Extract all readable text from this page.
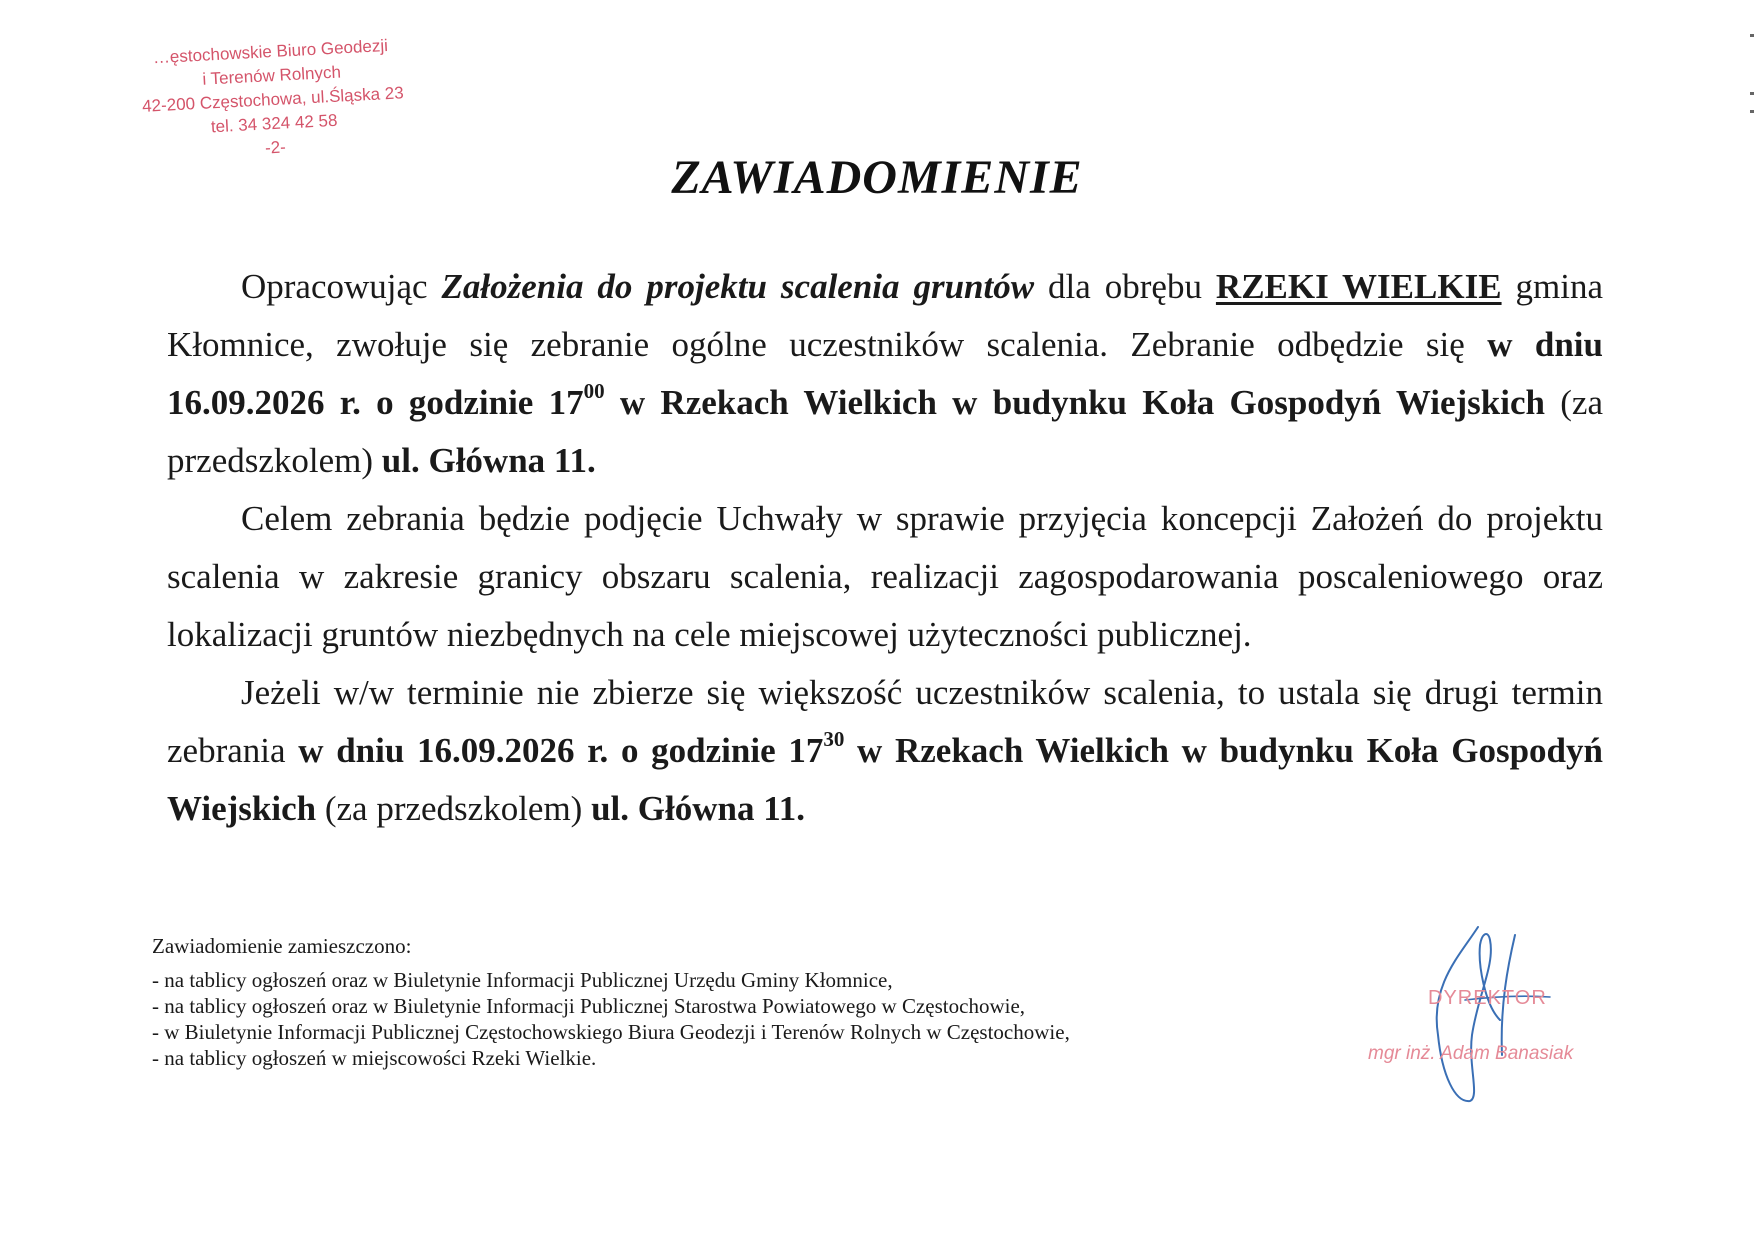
…ęstochowskie Biuro Geodezji
i Terenów Rolnych
42-200 Częstochowa, ul.Śląska 23
tel. 34 324 42 58
-2-
ZAWIADOMIENIE

Opracowując Założenia do projektu scalenia gruntów dla obrębu RZEKI WIELKIE gmina Kłomnice, zwołuje się zebranie ogólne uczestników scalenia. Zebranie odbędzie się w dniu 16.09.2026 r. o godzinie $17^{00}$ w Rzekach Wielkich w budynku Koła Gospodyń Wiejskich (za przedszkolem) ul. Główna 11.

Celem zebrania będzie podjęcie Uchwały w sprawie przyjęcia koncepcji Założeń do projektu scalenia w zakresie granicy obszaru scalenia, realizacji zagospodarowania poscaleniowego oraz lokalizacji gruntów niezbędnych na cele miejscowej użyteczności publicznej.

Jeżeli w/w terminie nie zbierze się większość uczestników scalenia, to ustala się drugi termin zebrania w dniu 16.09.2026 r. o godzinie $17^{30}$ w Rzekach Wielkich w budynku Koła Gospodyń Wiejskich (za przedszkolem) ul. Główna 11.

Zawiadomienie zamieszczono:
- na tablicy ogłoszeń oraz w Biuletynie Informacji Publicznej Urzędu Gminy Kłomnice,
- na tablicy ogłoszeń oraz w Biuletynie Informacji Publicznej Starostwa Powiatowego w Częstochowie,
- w Biuletynie Informacji Publicznej Częstochowskiego Biura Geodezji i Terenów Rolnych w Częstochowie,
- na tablicy ogłoszeń w miejscowości Rzeki Wielkie.
DYREKTOR
mgr inż. Adam Banasiak
